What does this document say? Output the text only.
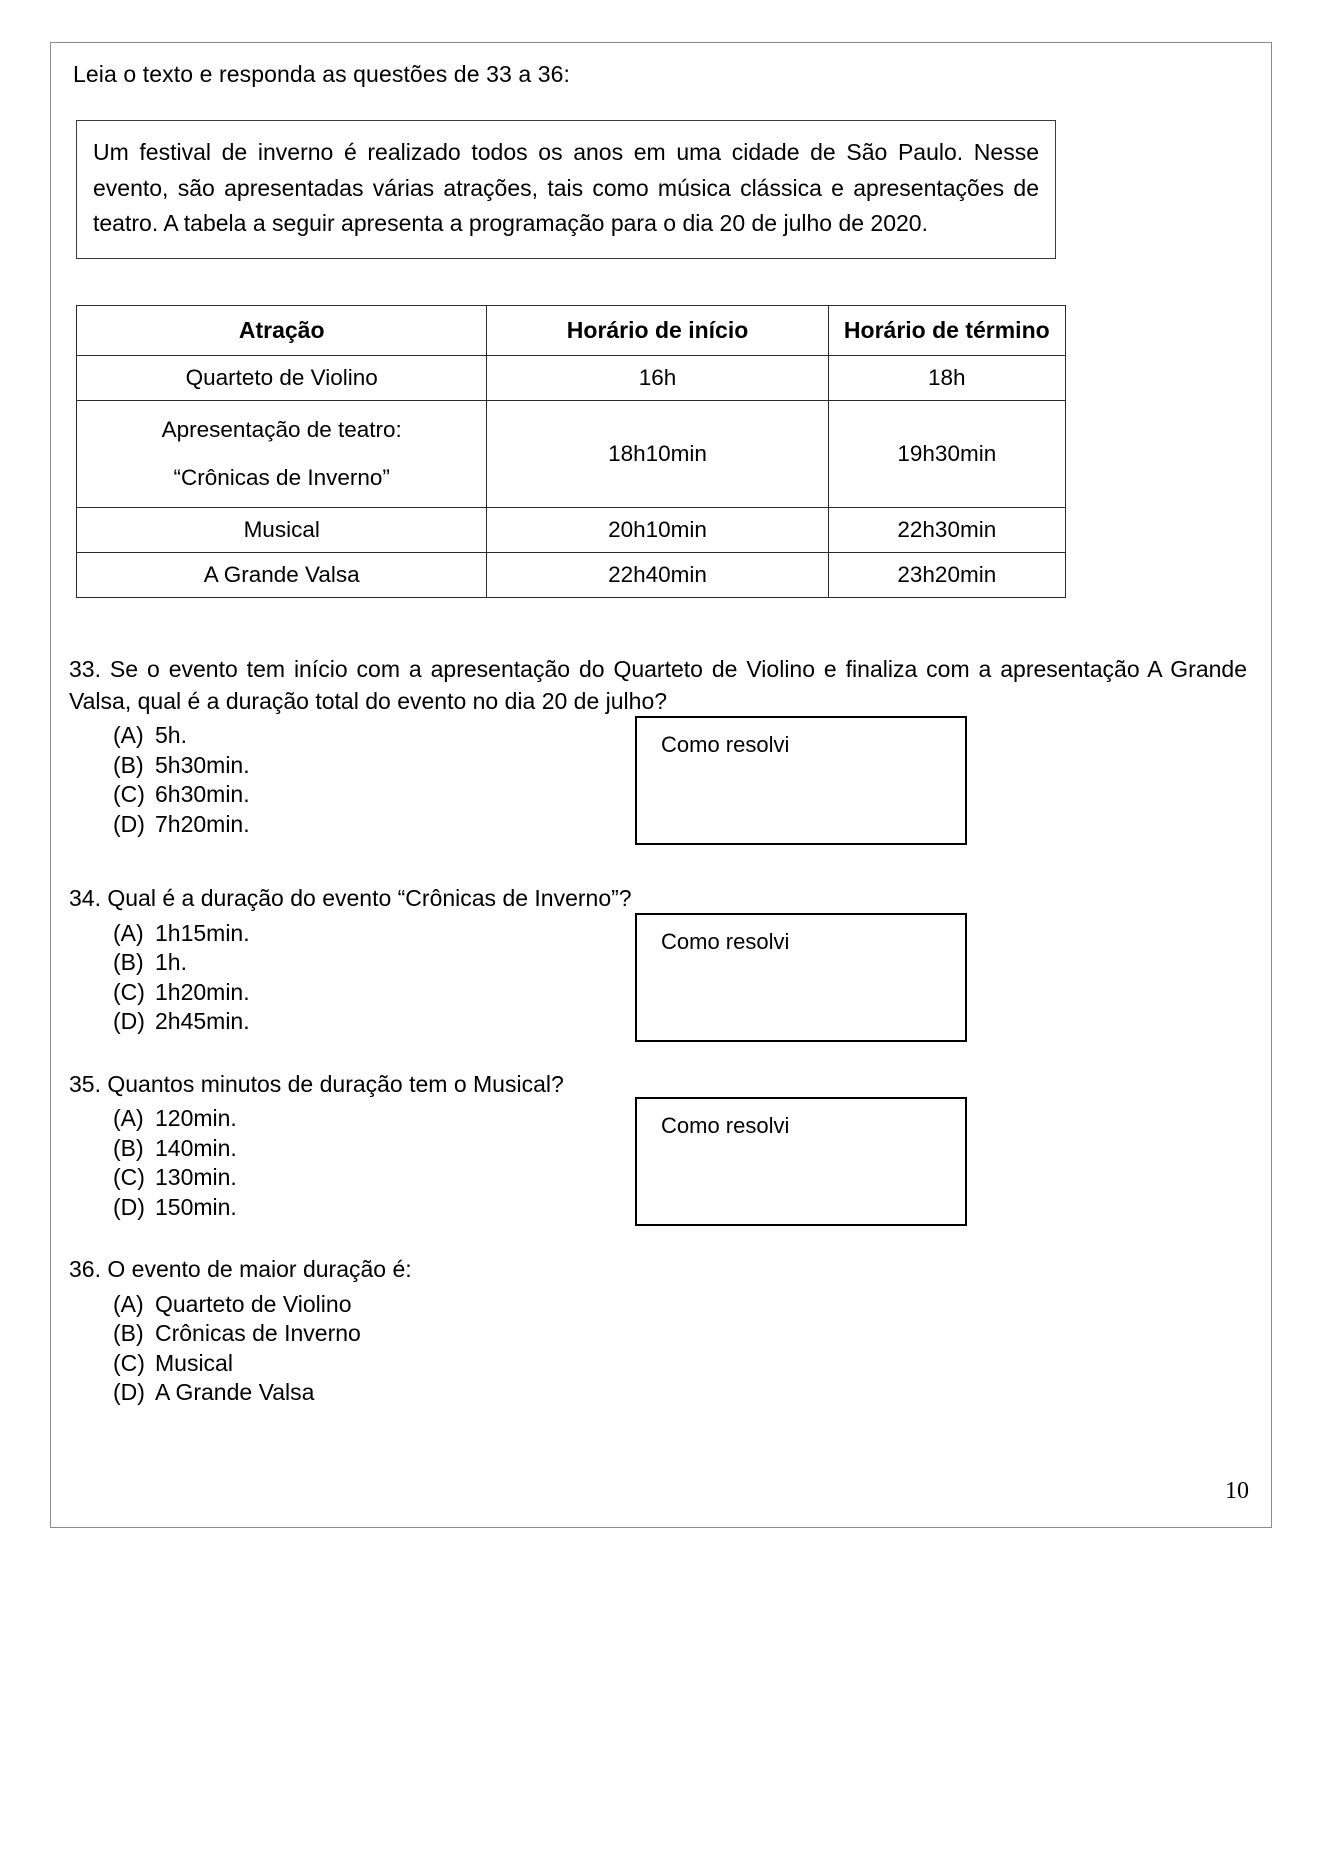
Leia o texto e responda as questões de 33 a 36:

Um festival de inverno é realizado todos os anos em uma cidade de São Paulo. Nesse evento, são apresentadas várias atrações, tais como música clássica e apresentações de teatro. A tabela a seguir apresenta a programação para o dia 20 de julho de 2020.

Atração	Horário de início	Horário de término
Quarteto de Violino	16h	18h

Apresentação de teatro:
“Crônicas de Inverno”	18h10min	19h30min
Musical	20h10min	22h30min
A Grande Valsa	22h40min	23h20min

33. Se o evento tem início com a apresentação do Quarteto de Violino e finaliza com a apresentação A Grande Valsa, qual é a duração total do evento no dia 20 de julho?

(A) 5h.
(B) 5h30min.
(C) 6h30min.
(D) 7h20min.
Como resolvi

34. Qual é a duração do evento “Crônicas de Inverno”?

(A) 1h15min.
(B) 1h.
(C) 1h20min.
(D) 2h45min.
Como resolvi

35. Quantos minutos de duração tem o Musical?

(A) 120min.
(B) 140min.
(C) 130min.
(D) 150min.
Como resolvi

36. O evento de maior duração é:

(A) Quarteto de Violino
(B) Crônicas de Inverno
(C) Musical
(D) A Grande Valsa
10
